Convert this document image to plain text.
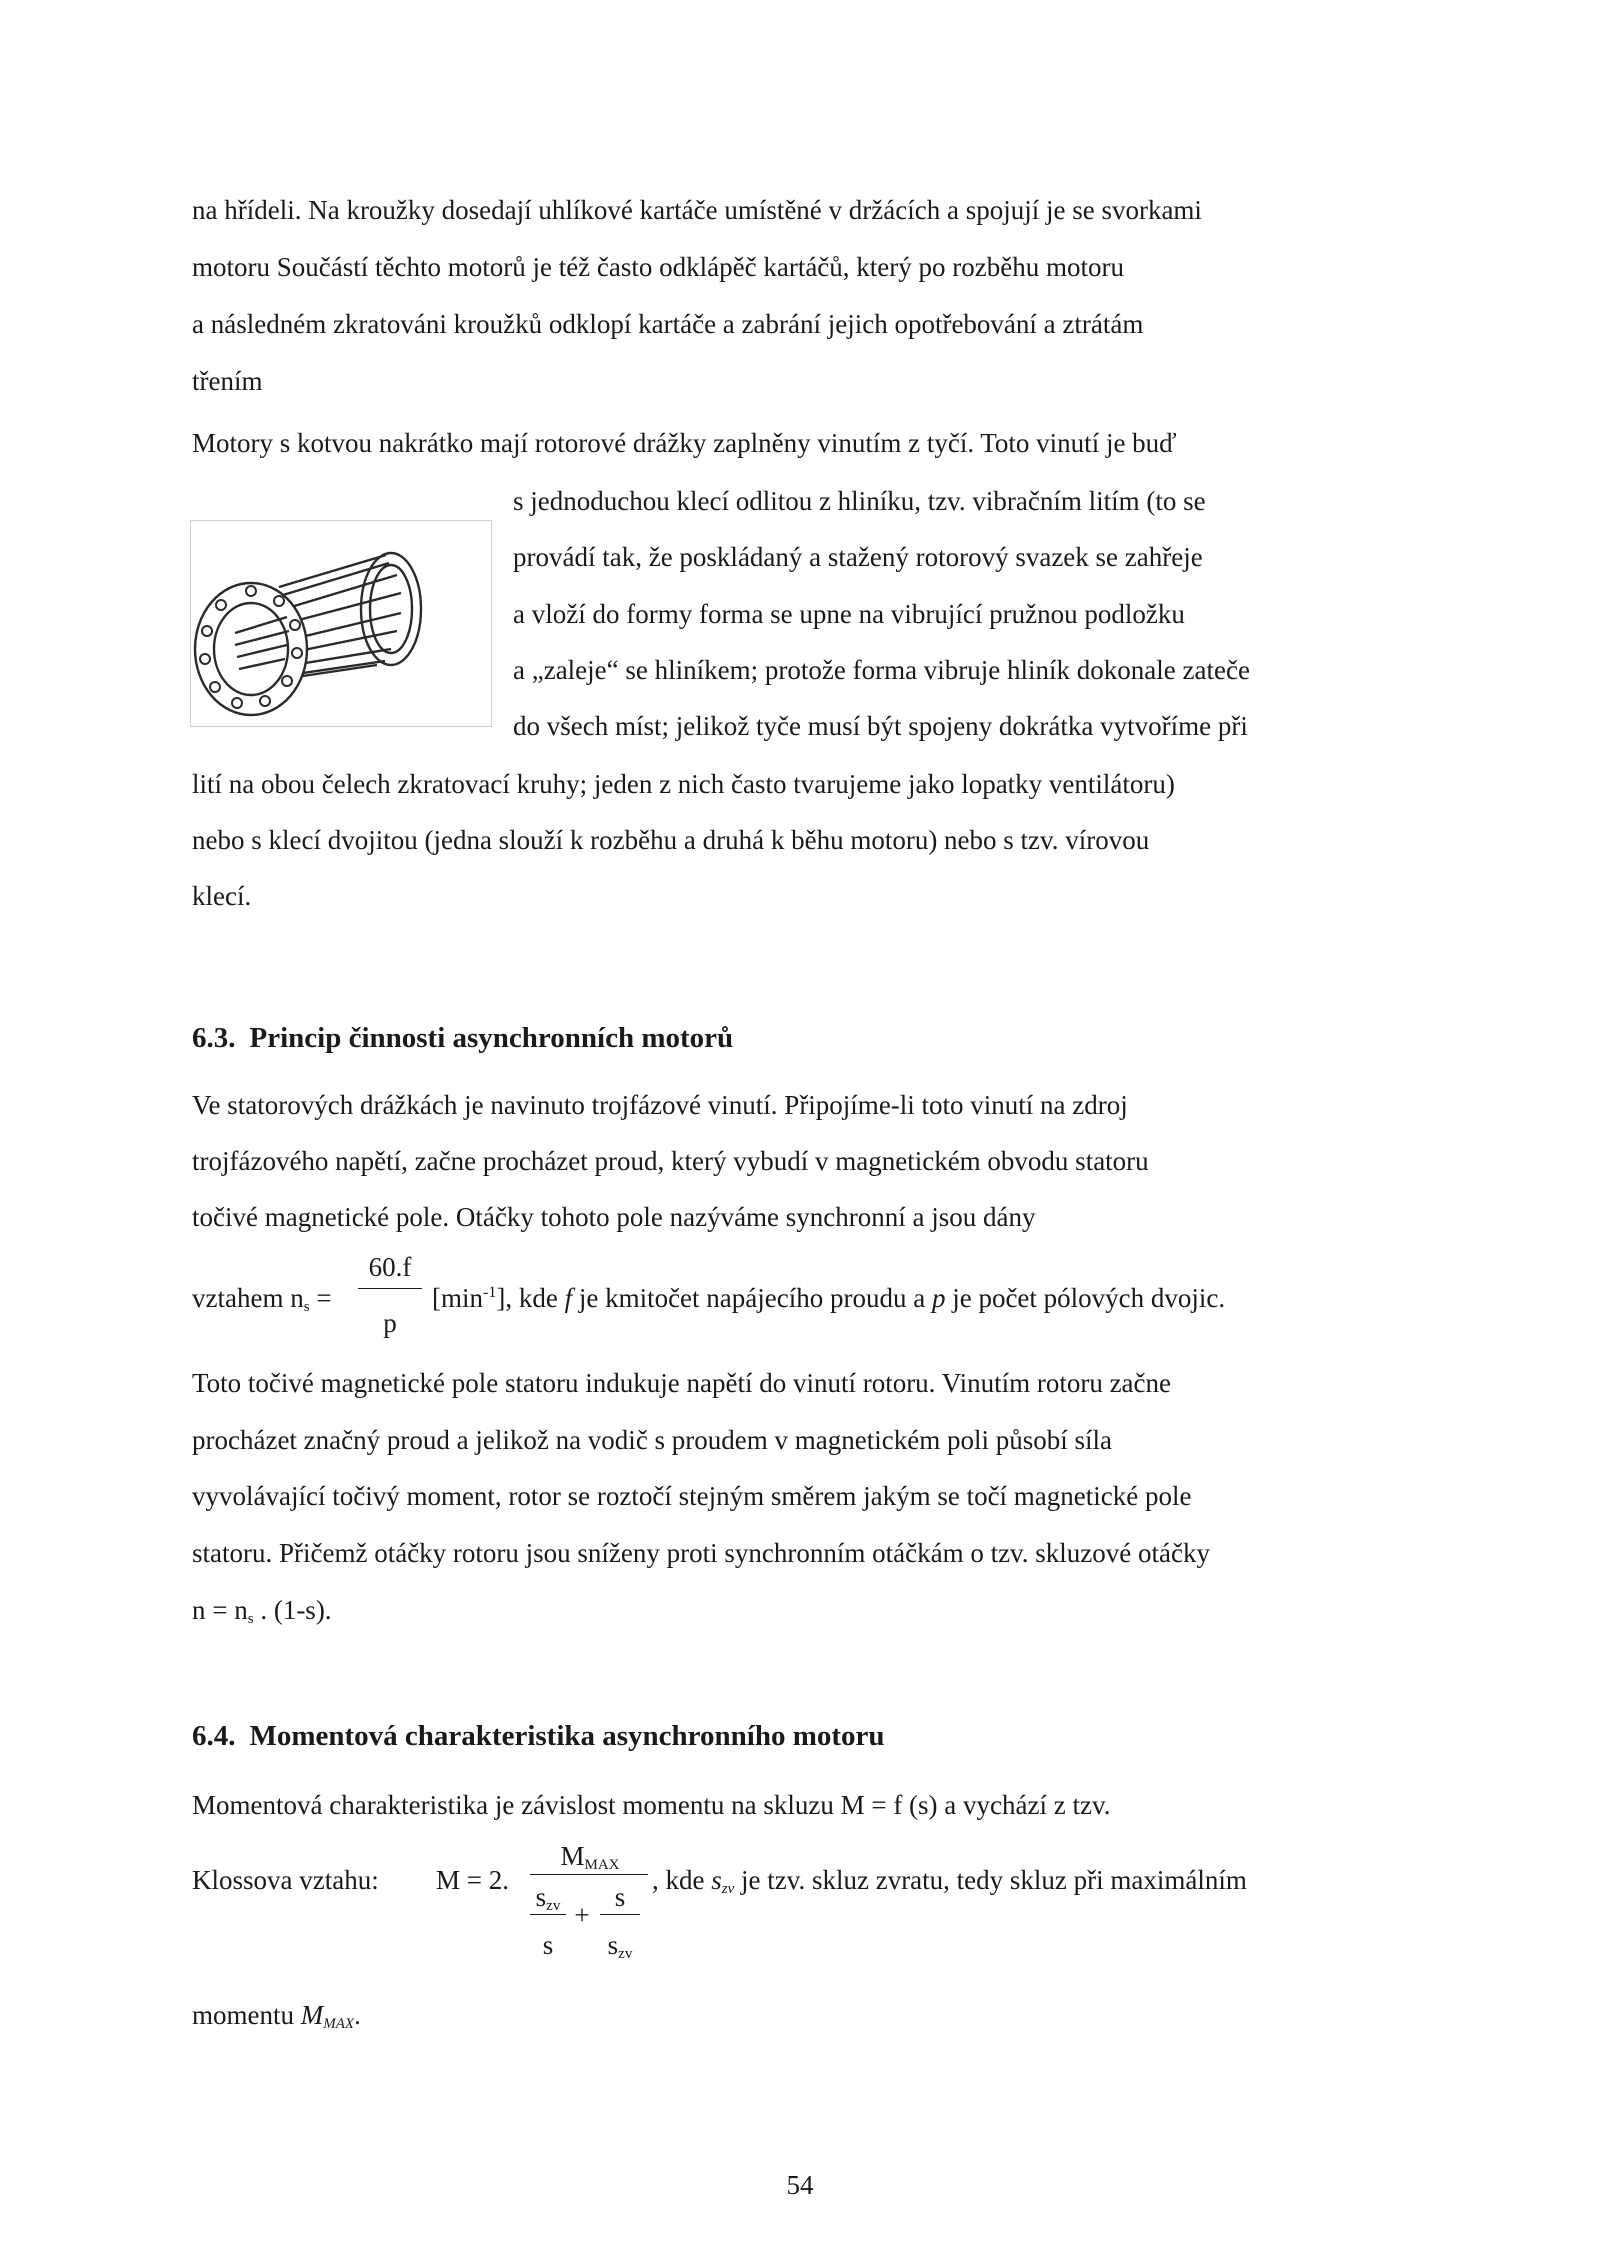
na hřídeli. Na kroužky dosedají uhlíkové kartáče umístěné v držácích a spojují je se svorkami
motoru Součástí těchto motorů je též často odklápěč kartáčů, který po rozběhu motoru
a následném zkratováni kroužků odklopí kartáče a zabrání jejich opotřebování a ztrátám
třením
Motory s kotvou nakrátko mají rotorové drážky zaplněny vinutím z tyčí. Toto vinutí je buď
s jednoduchou klecí odlitou z hliníku, tzv. vibračním litím (to se
provádí tak, že poskládaný a stažený rotorový svazek se zahřeje
a vloží do formy forma se upne na vibrující pružnou podložku
a „zaleje“ se hliníkem; protože forma vibruje hliník dokonale zateče
do všech míst; jelikož tyče musí být spojeny dokrátka vytvoříme při
lití na obou čelech zkratovací kruhy; jeden z nich často tvarujeme jako lopatky ventilátoru)
nebo s klecí dvojitou (jedna slouží k rozběhu a druhá k běhu motoru) nebo s tzv. vírovou
klecí.
6.3. Princip činnosti asynchronních motorů
Ve statorových drážkách je navinuto trojfázové vinutí. Připojíme-li toto vinutí na zdroj
trojfázového napětí, začne procházet proud, který vybudí v magnetickém obvodu statoru
točivé magnetické pole. Otáčky tohoto pole nazýváme synchronní a jsou dány
vztahem $n_s$ =
60.f
p
$[\min^{-1}]$, kde f je kmitočet napájecího proudu a p je počet pólových dvojic.
Toto točivé magnetické pole statoru indukuje napětí do vinutí rotoru. Vinutím rotoru začne
procházet značný proud a jelikož na vodič s proudem v magnetickém poli působí síla
vyvolávající točivý moment, rotor se roztočí stejným směrem jakým se točí magnetické pole
statoru. Přičemž otáčky rotoru jsou sníženy proti synchronním otáčkám o tzv. skluzové otáčky
$n = n_s$ . (1-s).
6.4. Momentová charakteristika asynchronního motoru
Momentová charakteristika je závislost momentu na skluzu M = f (s) a vychází z tzv.
Klossova vztahu: M = 2.
$M_{MAX}$
$s_{zv}$
s
+
s
$s_{zv}$
, kde $s_{zv}$ je tzv. skluz zvratu, tedy skluz při maximálním
momentu $M_{MAX}$.
54
